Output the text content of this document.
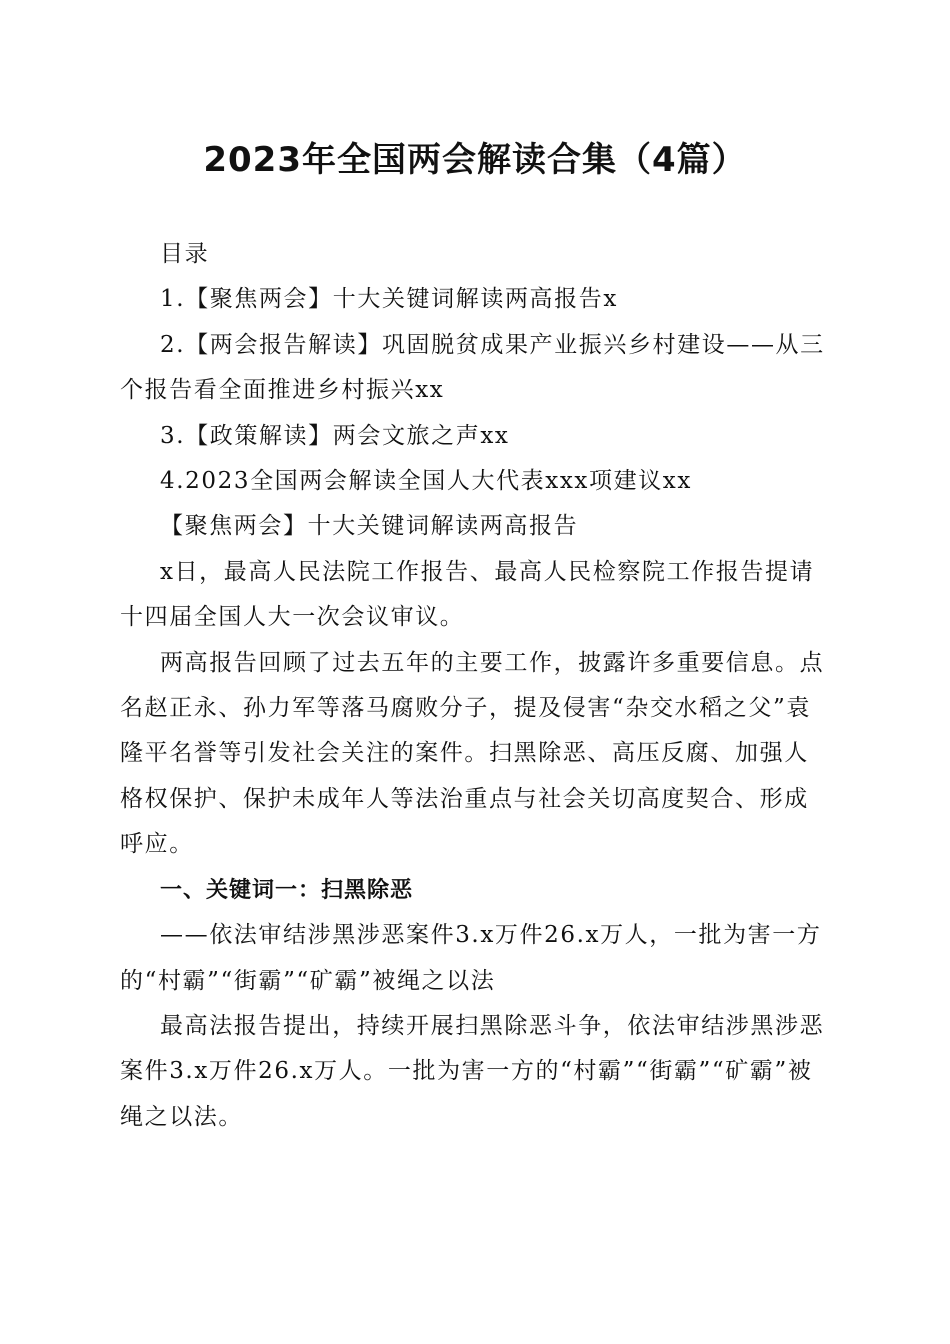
2023年全国两会解读合集（4篇）

目录

1.【聚焦两会】十大关键词解读两高报告x

2.【两会报告解读】巩固脱贫成果产业振兴乡村建设——从三个报告看全面推进乡村振兴xx

3.【政策解读】两会文旅之声xx

4.2023全国两会解读全国人大代表xxx项建议xx

【聚焦两会】十大关键词解读两高报告

x日，最高人民法院工作报告、最高人民检察院工作报告提请十四届全国人大一次会议审议。

两高报告回顾了过去五年的主要工作，披露许多重要信息。点名赵正永、孙力军等落马腐败分子，提及侵害“杂交水稻之父”袁隆平名誉等引发社会关注的案件。扫黑除恶、高压反腐、加强人格权保护、保护未成年人等法治重点与社会关切高度契合、形成呼应。

一、关键词一：扫黑除恶

——依法审结涉黑涉恶案件3.x万件26.x万人，一批为害一方的“村霸”“街霸”“矿霸”被绳之以法

最高法报告提出，持续开展扫黑除恶斗争，依法审结涉黑涉恶案件3.x万件26.x万人。一批为害一方的“村霸”“街霸”“矿霸”被绳之以法。
